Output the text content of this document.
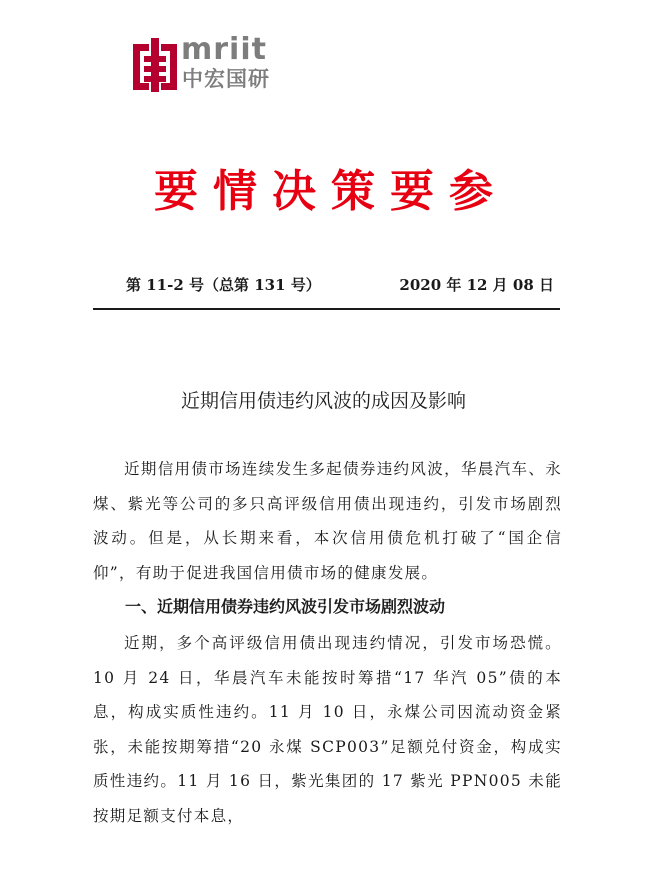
mriit
中宏国研
要情决策要参
第 11-2 号（总第 131 号）	2020 年 12 月 08 日
近期信用债违约风波的成因及影响

近期信用债市场连续发生多起债券违约风波，华晨汽车、永煤、紫光等公司的多只高评级信用债出现违约，引发市场剧烈波动。但是，从长期来看，本次信用债危机打破了“国企信仰”，有助于促进我国信用债市场的健康发展。

一、近期信用债券违约风波引发市场剧烈波动

近期，多个高评级信用债出现违约情况，引发市场恐慌。10 月 24 日，华晨汽车未能按时筹措“17 华汽 05”债的本息，构成实质性违约。11 月 10 日，永煤公司因流动资金紧张，未能按期筹措“20 永煤 SCP003”足额兑付资金，构成实质性违约。11 月 16 日，紫光集团的 17 紫光 PPN005 未能按期足额支付本息，
